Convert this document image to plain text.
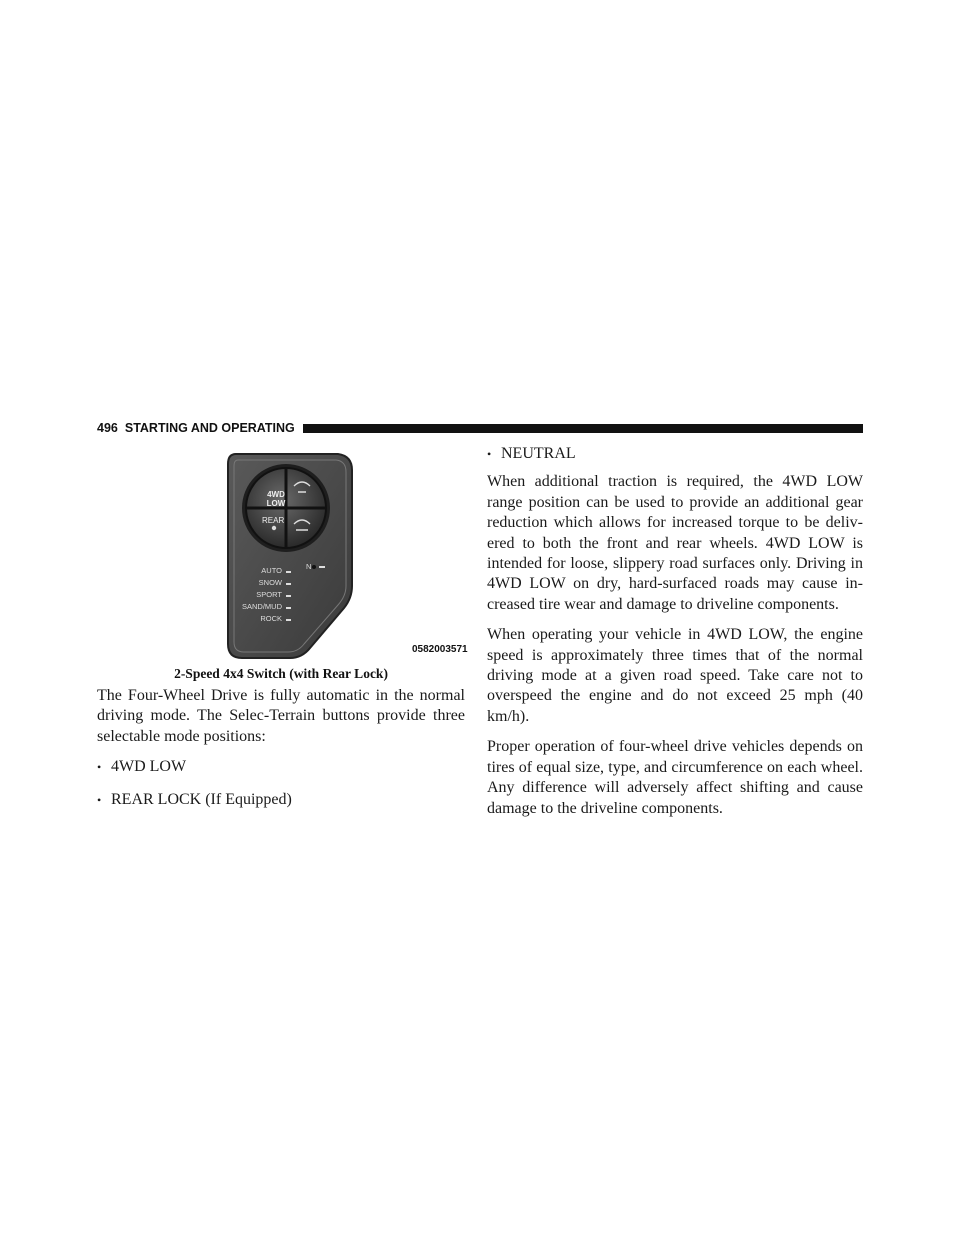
496 STARTING AND OPERATING
4WD
LOW
REAR
AUTO
SNOW
SPORT
SAND/MUD
ROCK
N
0582003571
2-Speed 4x4 Switch (with Rear Lock)

The Four-Wheel Drive is fully automatic in the normal driving mode. The Selec-Terrain buttons provide three selectable mode positions:

• 4WD LOW
• REAR LOCK (If Equipped)
• NEUTRAL

When additional traction is required, the 4WD LOW range position can be used to provide an additional gear reduction which allows for increased torque to be deliv-ered to both the front and rear wheels. 4WD LOW is intended for loose, slippery road surfaces only. Driving in 4WD LOW on dry, hard-surfaced roads may cause in-creased tire wear and damage to driveline components.

When operating your vehicle in 4WD LOW, the engine speed is approximately three times that of the normal driving mode at a given road speed. Take care not to overspeed the engine and do not exceed 25 mph (40 km/h).

Proper operation of four-wheel drive vehicles depends on tires of equal size, type, and circumference on each wheel. Any difference will adversely affect shifting and cause damage to the driveline components.
